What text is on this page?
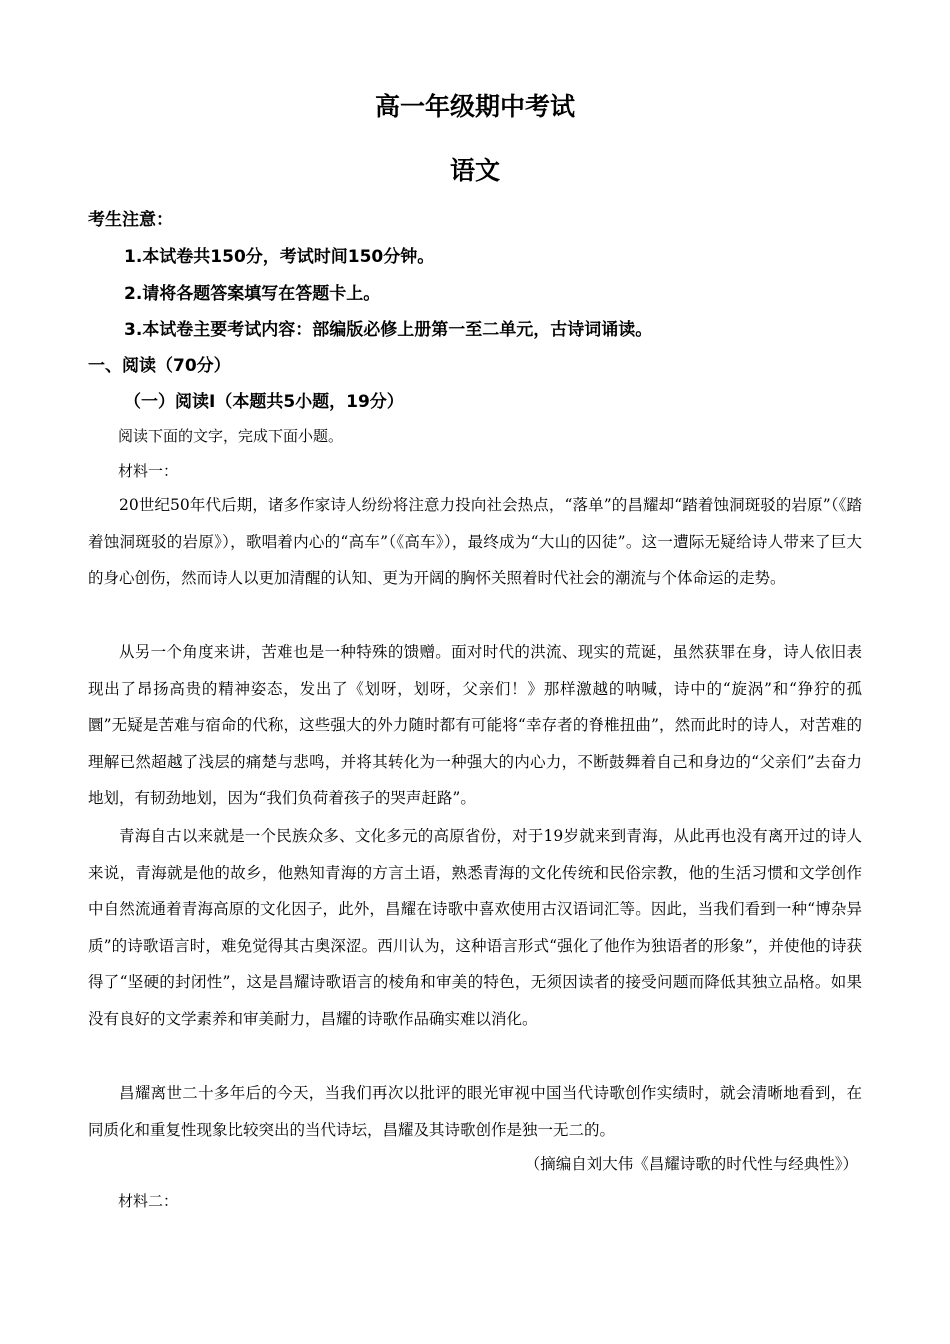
高一年级期中考试
语文
考生注意：
1.本试卷共150分，考试时间150分钟。
2.请将各题答案填写在答题卡上。
3.本试卷主要考试内容：部编版必修上册第一至二单元，古诗词诵读。
一、阅读（70分）
（一）阅读Ⅰ（本题共5小题，19分）
阅读下面的文字，完成下面小题。
材料一：

20世纪50年代后期，诸多作家诗人纷纷将注意力投向社会热点，“落单”的昌耀却“踏着蚀洞斑驳的岩原”（《踏着蚀洞斑驳的岩原》），歌唱着内心的“高车”（《高车》），最终成为“大山的囚徒”。这一遭际无疑给诗人带来了巨大的身心创伤，然而诗人以更加清醒的认知、更为开阔的胸怀关照着时代社会的潮流与个体命运的走势。

从另一个角度来讲，苦难也是一种特殊的馈赠。面对时代的洪流、现实的荒诞，虽然获罪在身，诗人依旧表现出了昂扬高贵的精神姿态，发出了《划呀，划呀，父亲们！》那样激越的呐喊，诗中的“旋涡”和“狰狞的孤圜”无疑是苦难与宿命的代称，这些强大的外力随时都有可能将“幸存者的脊椎扭曲”，然而此时的诗人，对苦难的理解已然超越了浅层的痛楚与悲鸣，并将其转化为一种强大的内心力，不断鼓舞着自己和身边的“父亲们”去奋力地划，有韧劲地划，因为“我们负荷着孩子的哭声赶路”。

青海自古以来就是一个民族众多、文化多元的高原省份，对于19岁就来到青海，从此再也没有离开过的诗人来说，青海就是他的故乡，他熟知青海的方言土语，熟悉青海的文化传统和民俗宗教，他的生活习惯和文学创作中自然流通着青海高原的文化因子，此外，昌耀在诗歌中喜欢使用古汉语词汇等。因此，当我们看到一种“博杂异质”的诗歌语言时，难免觉得其古奥深涩。西川认为，这种语言形式“强化了他作为独语者的形象”，并使他的诗获得了“坚硬的封闭性”，这是昌耀诗歌语言的棱角和审美的特色，无须因读者的接受问题而降低其独立品格。如果没有良好的文学素养和审美耐力，昌耀的诗歌作品确实难以消化。

昌耀离世二十多年后的今天，当我们再次以批评的眼光审视中国当代诗歌创作实绩时，就会清晰地看到，在同质化和重复性现象比较突出的当代诗坛，昌耀及其诗歌创作是独一无二的。

（摘编自刘大伟《昌耀诗歌的时代性与经典性》）
材料二：
